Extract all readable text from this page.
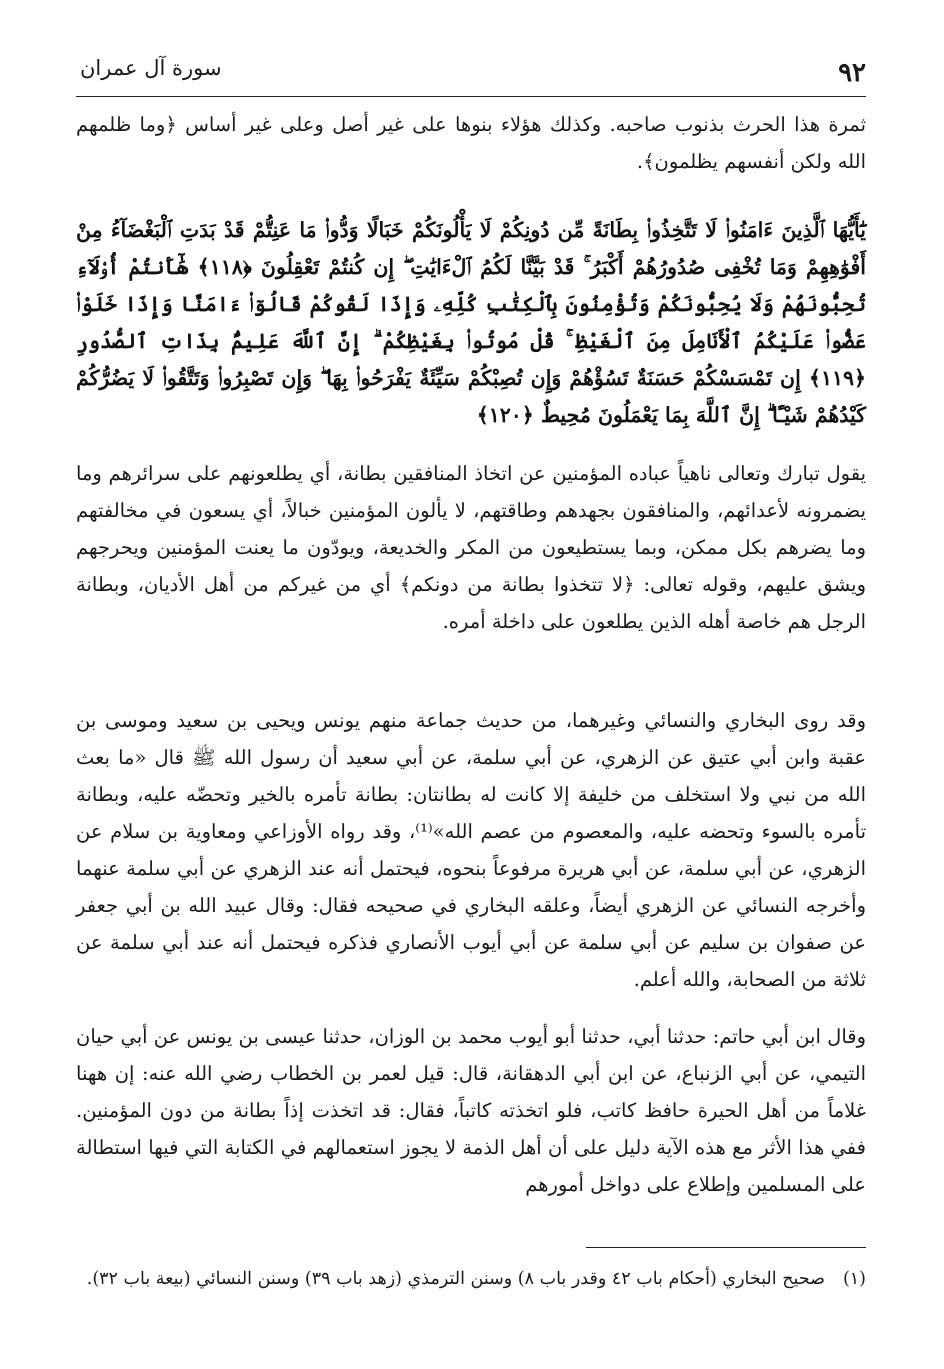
٩٢
سورة آل عمران

ثمرة هذا الحرث بذنوب صاحبه. وكذلك هؤلاء بنوها على غير أصل وعلى غير أساس ﴿وما ظلمهم الله ولكن أنفسهم يظلمون﴾.

يَٰٓأَيُّهَا ٱلَّذِينَ ءَامَنُوا۟ لَا تَتَّخِذُوا۟ بِطَانَةً مِّن دُونِكُمْ لَا يَأْلُونَكُمْ خَبَالًا وَدُّوا۟ مَا عَنِتُّمْ قَدْ بَدَتِ ٱلْبَغْضَآءُ مِنْ أَفْوَٰهِهِمْ وَمَا تُخْفِى صُدُورُهُمْ أَكْبَرُ ۚ قَدْ بَيَّنَّا لَكُمُ ٱلْءَايَٰتِ ۖ إِن كُنتُمْ تَعْقِلُونَ ﴿١١٨﴾ هَٰٓأَنتُمْ أُو۟لَآءِ تُحِبُّونَهُمْ وَلَا يُحِبُّونَكُمْ وَتُؤْمِنُونَ بِٱلْكِتَٰبِ كُلِّهِۦ وَإِذَا لَقُوكُمْ قَالُوٓا۟ ءَامَنَّا وَإِذَا خَلَوْا۟ عَضُّوا۟ عَلَيْكُمُ ٱلْأَنَامِلَ مِنَ ٱلْغَيْظِ ۚ قُلْ مُوتُوا۟ بِغَيْظِكُمْ ۗ إِنَّ ٱللَّهَ عَلِيمٌۢ بِذَاتِ ٱلصُّدُورِ ﴿١١٩﴾ إِن تَمْسَسْكُمْ حَسَنَةٌ تَسُؤْهُمْ وَإِن تُصِبْكُمْ سَيِّئَةٌ يَفْرَحُوا۟ بِهَا ۖ وَإِن تَصْبِرُوا۟ وَتَتَّقُوا۟ لَا يَضُرُّكُمْ كَيْدُهُمْ شَيْـًٔا ۗ إِنَّ ٱللَّهَ بِمَا يَعْمَلُونَ مُحِيطٌ ﴿١٢٠﴾

يقول تبارك وتعالى ناهياً عباده المؤمنين عن اتخاذ المنافقين بطانة، أي يطلعونهم على سرائرهم وما يضمرونه لأعدائهم، والمنافقون بجهدهم وطاقتهم، لا يألون المؤمنين خبالاً، أي يسعون في مخالفتهم وما يضرهم بكل ممكن، وبما يستطيعون من المكر والخديعة، ويودّون ما يعنت المؤمنين ويحرجهم ويشق عليهم، وقوله تعالى: ﴿لا تتخذوا بطانة من دونكم﴾ أي من غيركم من أهل الأديان، وبطانة الرجل هم خاصة أهله الذين يطلعون على داخلة أمره.

وقد روى البخاري والنسائي وغيرهما، من حديث جماعة منهم يونس ويحيى بن سعيد وموسى بن عقبة وابن أبي عتيق عن الزهري، عن أبي سلمة، عن أبي سعيد أن رسول الله ﷺ قال «ما بعث الله من نبي ولا استخلف من خليفة إلا كانت له بطانتان: بطانة تأمره بالخير وتحضّه عليه، وبطانة تأمره بالسوء وتحضه عليه، والمعصوم من عصم الله»⁽¹⁾، وقد رواه الأوزاعي ومعاوية بن سلام عن الزهري، عن أبي سلمة، عن أبي هريرة مرفوعاً بنحوه، فيحتمل أنه عند الزهري عن أبي سلمة عنهما وأخرجه النسائي عن الزهري أيضاً، وعلقه البخاري في صحيحه فقال: وقال عبيد الله بن أبي جعفر عن صفوان بن سليم عن أبي سلمة عن أبي أيوب الأنصاري فذكره فيحتمل أنه عند أبي سلمة عن ثلاثة من الصحابة، والله أعلم.

وقال ابن أبي حاتم: حدثنا أبي، حدثنا أبو أيوب محمد بن الوزان، حدثنا عيسى بن يونس عن أبي حيان التيمي، عن أبي الزنباع، عن ابن أبي الدهقانة، قال: قيل لعمر بن الخطاب رضي الله عنه: إن ههنا غلاماً من أهل الحيرة حافظ كاتب، فلو اتخذته كاتباً، فقال: قد اتخذت إذاً بطانة من دون المؤمنين. ففي هذا الأثر مع هذه الآية دليل على أن أهل الذمة لا يجوز استعمالهم في الكتابة التي فيها استطالة على المسلمين وإطلاع على دواخل أمورهم

(١)صحيح البخاري (أحكام باب ٤٢ وقدر باب ٨) وسنن الترمذي (زهد باب ٣٩) وسنن النسائي (بيعة باب ٣٢).
